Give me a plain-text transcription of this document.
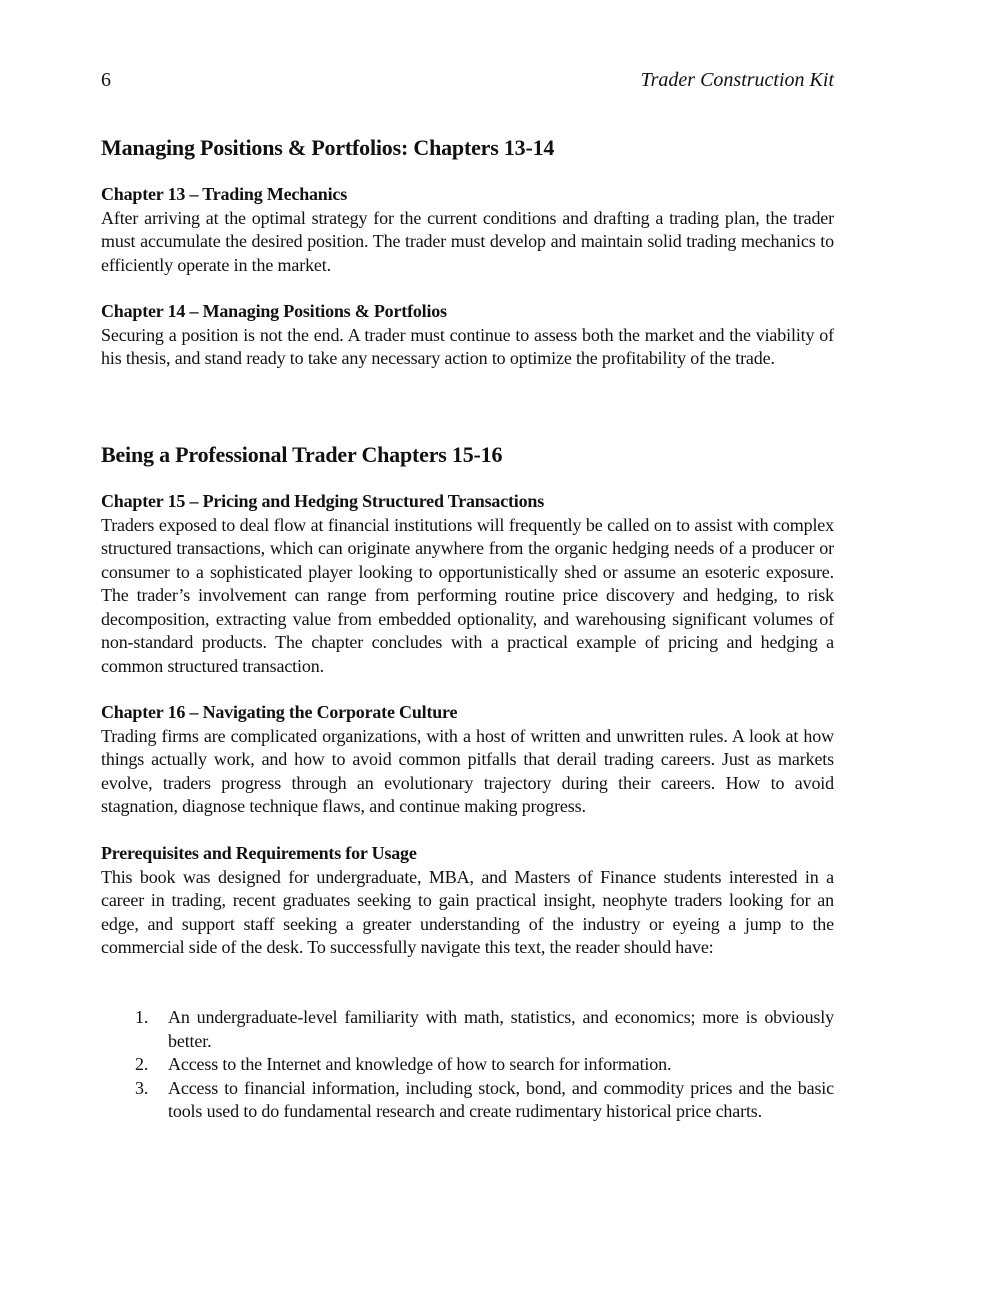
6	Trader Construction Kit
Managing Positions & Portfolios: Chapters 13-14
Chapter 13 – Trading Mechanics

After arriving at the optimal strategy for the current conditions and drafting a trading plan, the trader must accumulate the desired position. The trader must develop and maintain solid trading mechanics to efficiently operate in the market.

Chapter 14 – Managing Positions & Portfolios

Securing a position is not the end. A trader must continue to assess both the market and the viability of his thesis, and stand ready to take any necessary action to optimize the profitability of the trade.

Being a Professional Trader Chapters 15-16
Chapter 15 – Pricing and Hedging Structured Transactions

Traders exposed to deal flow at financial institutions will frequently be called on to assist with complex structured transactions, which can originate anywhere from the organic hedging needs of a producer or consumer to a sophisticated player looking to opportunistically shed or assume an esoteric exposure. The trader’s involvement can range from performing routine price discovery and hedging, to risk decomposition, extracting value from embedded optionality, and warehousing significant volumes of non-standard products. The chapter concludes with a practical example of pricing and hedging a common structured transaction.

Chapter 16 – Navigating the Corporate Culture

Trading firms are complicated organizations, with a host of written and unwritten rules. A look at how things actually work, and how to avoid common pitfalls that derail trading careers. Just as markets evolve, traders progress through an evolutionary trajectory during their careers. How to avoid stagnation, diagnose technique flaws, and continue making progress.

Prerequisites and Requirements for Usage

This book was designed for undergraduate, MBA, and Masters of Finance students interested in a career in trading, recent graduates seeking to gain practical insight, neophyte traders looking for an edge, and support staff seeking a greater understanding of the industry or eyeing a jump to the commercial side of the desk. To successfully navigate this text, the reader should have:

1. An undergraduate-level familiarity with math, statistics, and economics; more is obviously better.
2. Access to the Internet and knowledge of how to search for information.
3. Access to financial information, including stock, bond, and commodity prices and the basic tools used to do fundamental research and create rudimentary historical price charts.
